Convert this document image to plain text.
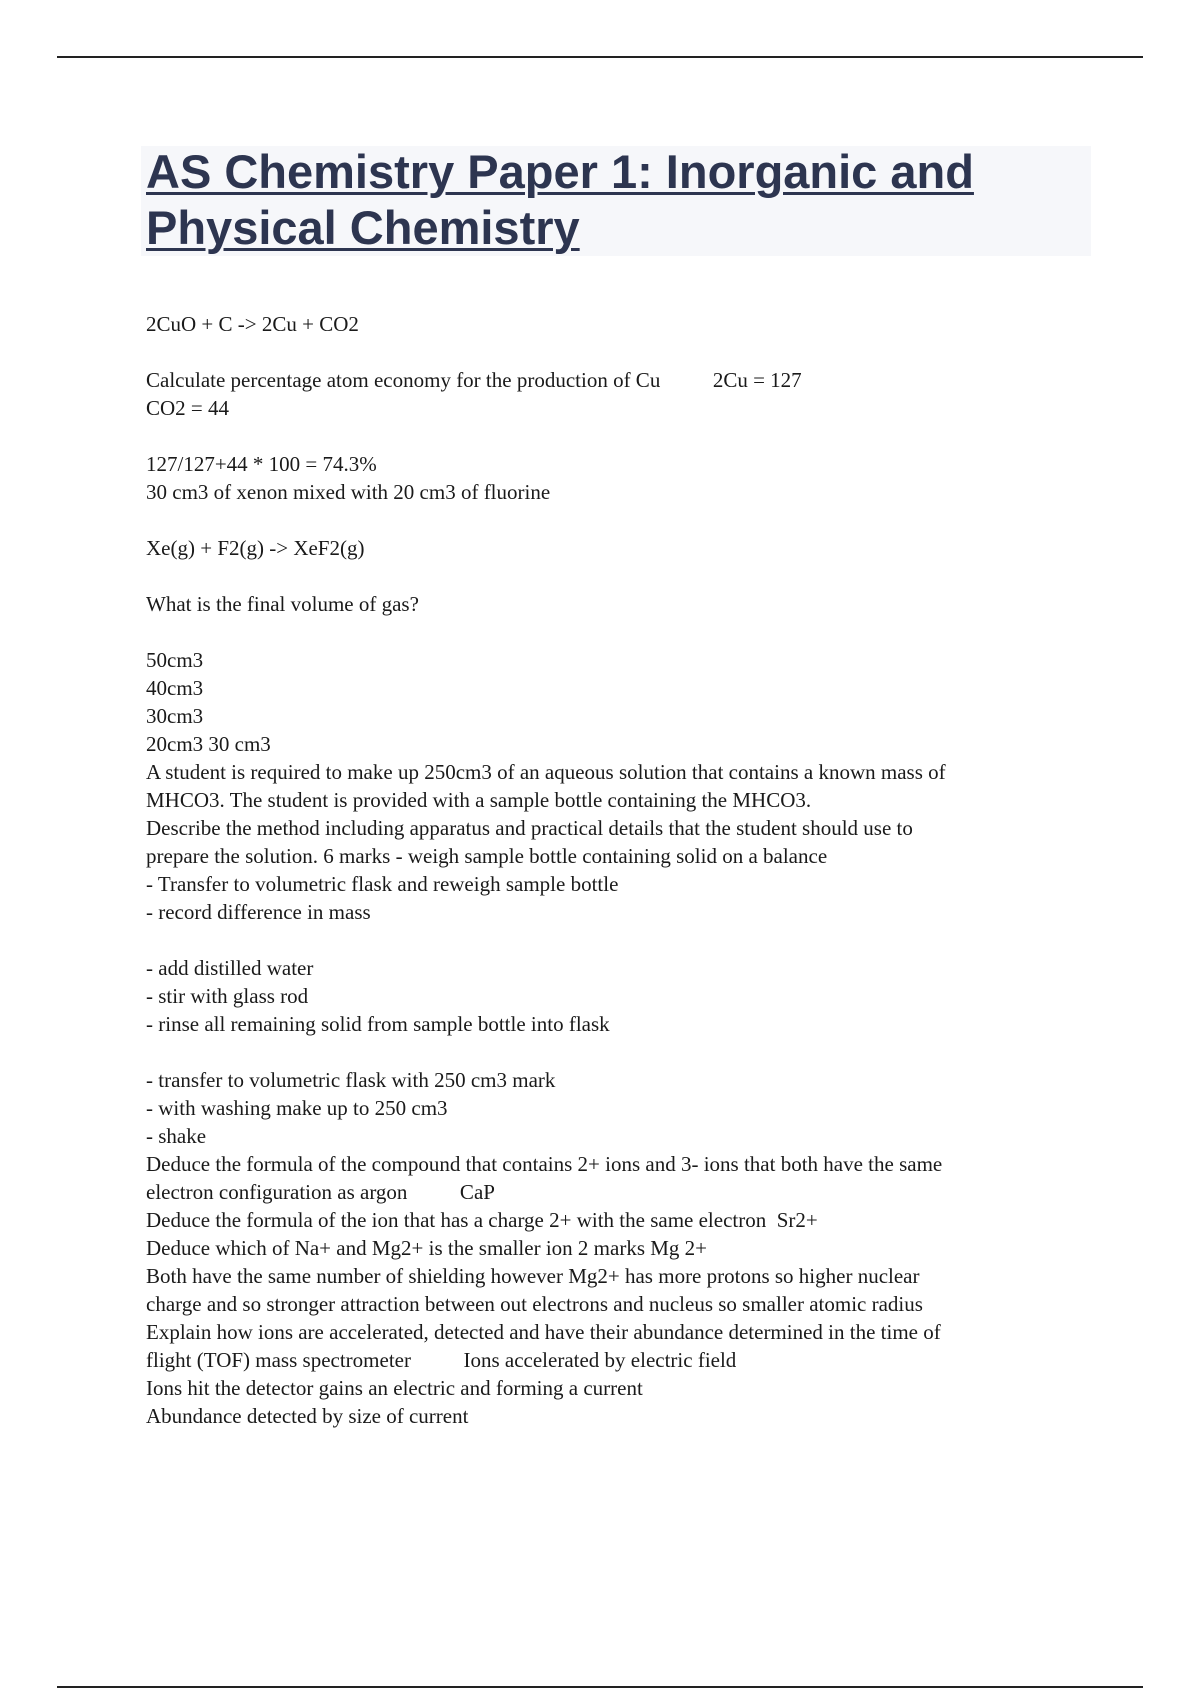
AS Chemistry Paper 1: Inorganic and Physical Chemistry
2CuO + C -> 2Cu + CO2
Calculate percentage atom economy for the production of Cu          2Cu = 127
CO2 = 44
127/127+44 * 100 = 74.3%
30 cm3 of xenon mixed with 20 cm3 of fluorine
Xe(g) + F2(g) -> XeF2(g)
What is the final volume of gas?
50cm3
40cm3
30cm3
20cm3 30 cm3
A student is required to make up 250cm3 of an aqueous solution that contains a known mass of
MHCO3. The student is provided with a sample bottle containing the MHCO3.
Describe the method including apparatus and practical details that the student should use to
prepare the solution. 6 marks - weigh sample bottle containing solid on a balance
- Transfer to volumetric flask and reweigh sample bottle
- record difference in mass
- add distilled water
- stir with glass rod
- rinse all remaining solid from sample bottle into flask
- transfer to volumetric flask with 250 cm3 mark
- with washing make up to 250 cm3
- shake
Deduce the formula of the compound that contains 2+ ions and 3- ions that both have the same
electron configuration as argon          CaP
Deduce the formula of the ion that has a charge 2+ with the same electron  Sr2+
Deduce which of Na+ and Mg2+ is the smaller ion 2 marks Mg 2+
Both have the same number of shielding however Mg2+ has more protons so higher nuclear
charge and so stronger attraction between out electrons and nucleus so smaller atomic radius
Explain how ions are accelerated, detected and have their abundance determined in the time of
flight (TOF) mass spectrometer          Ions accelerated by electric field
Ions hit the detector gains an electric and forming a current
Abundance detected by size of current
